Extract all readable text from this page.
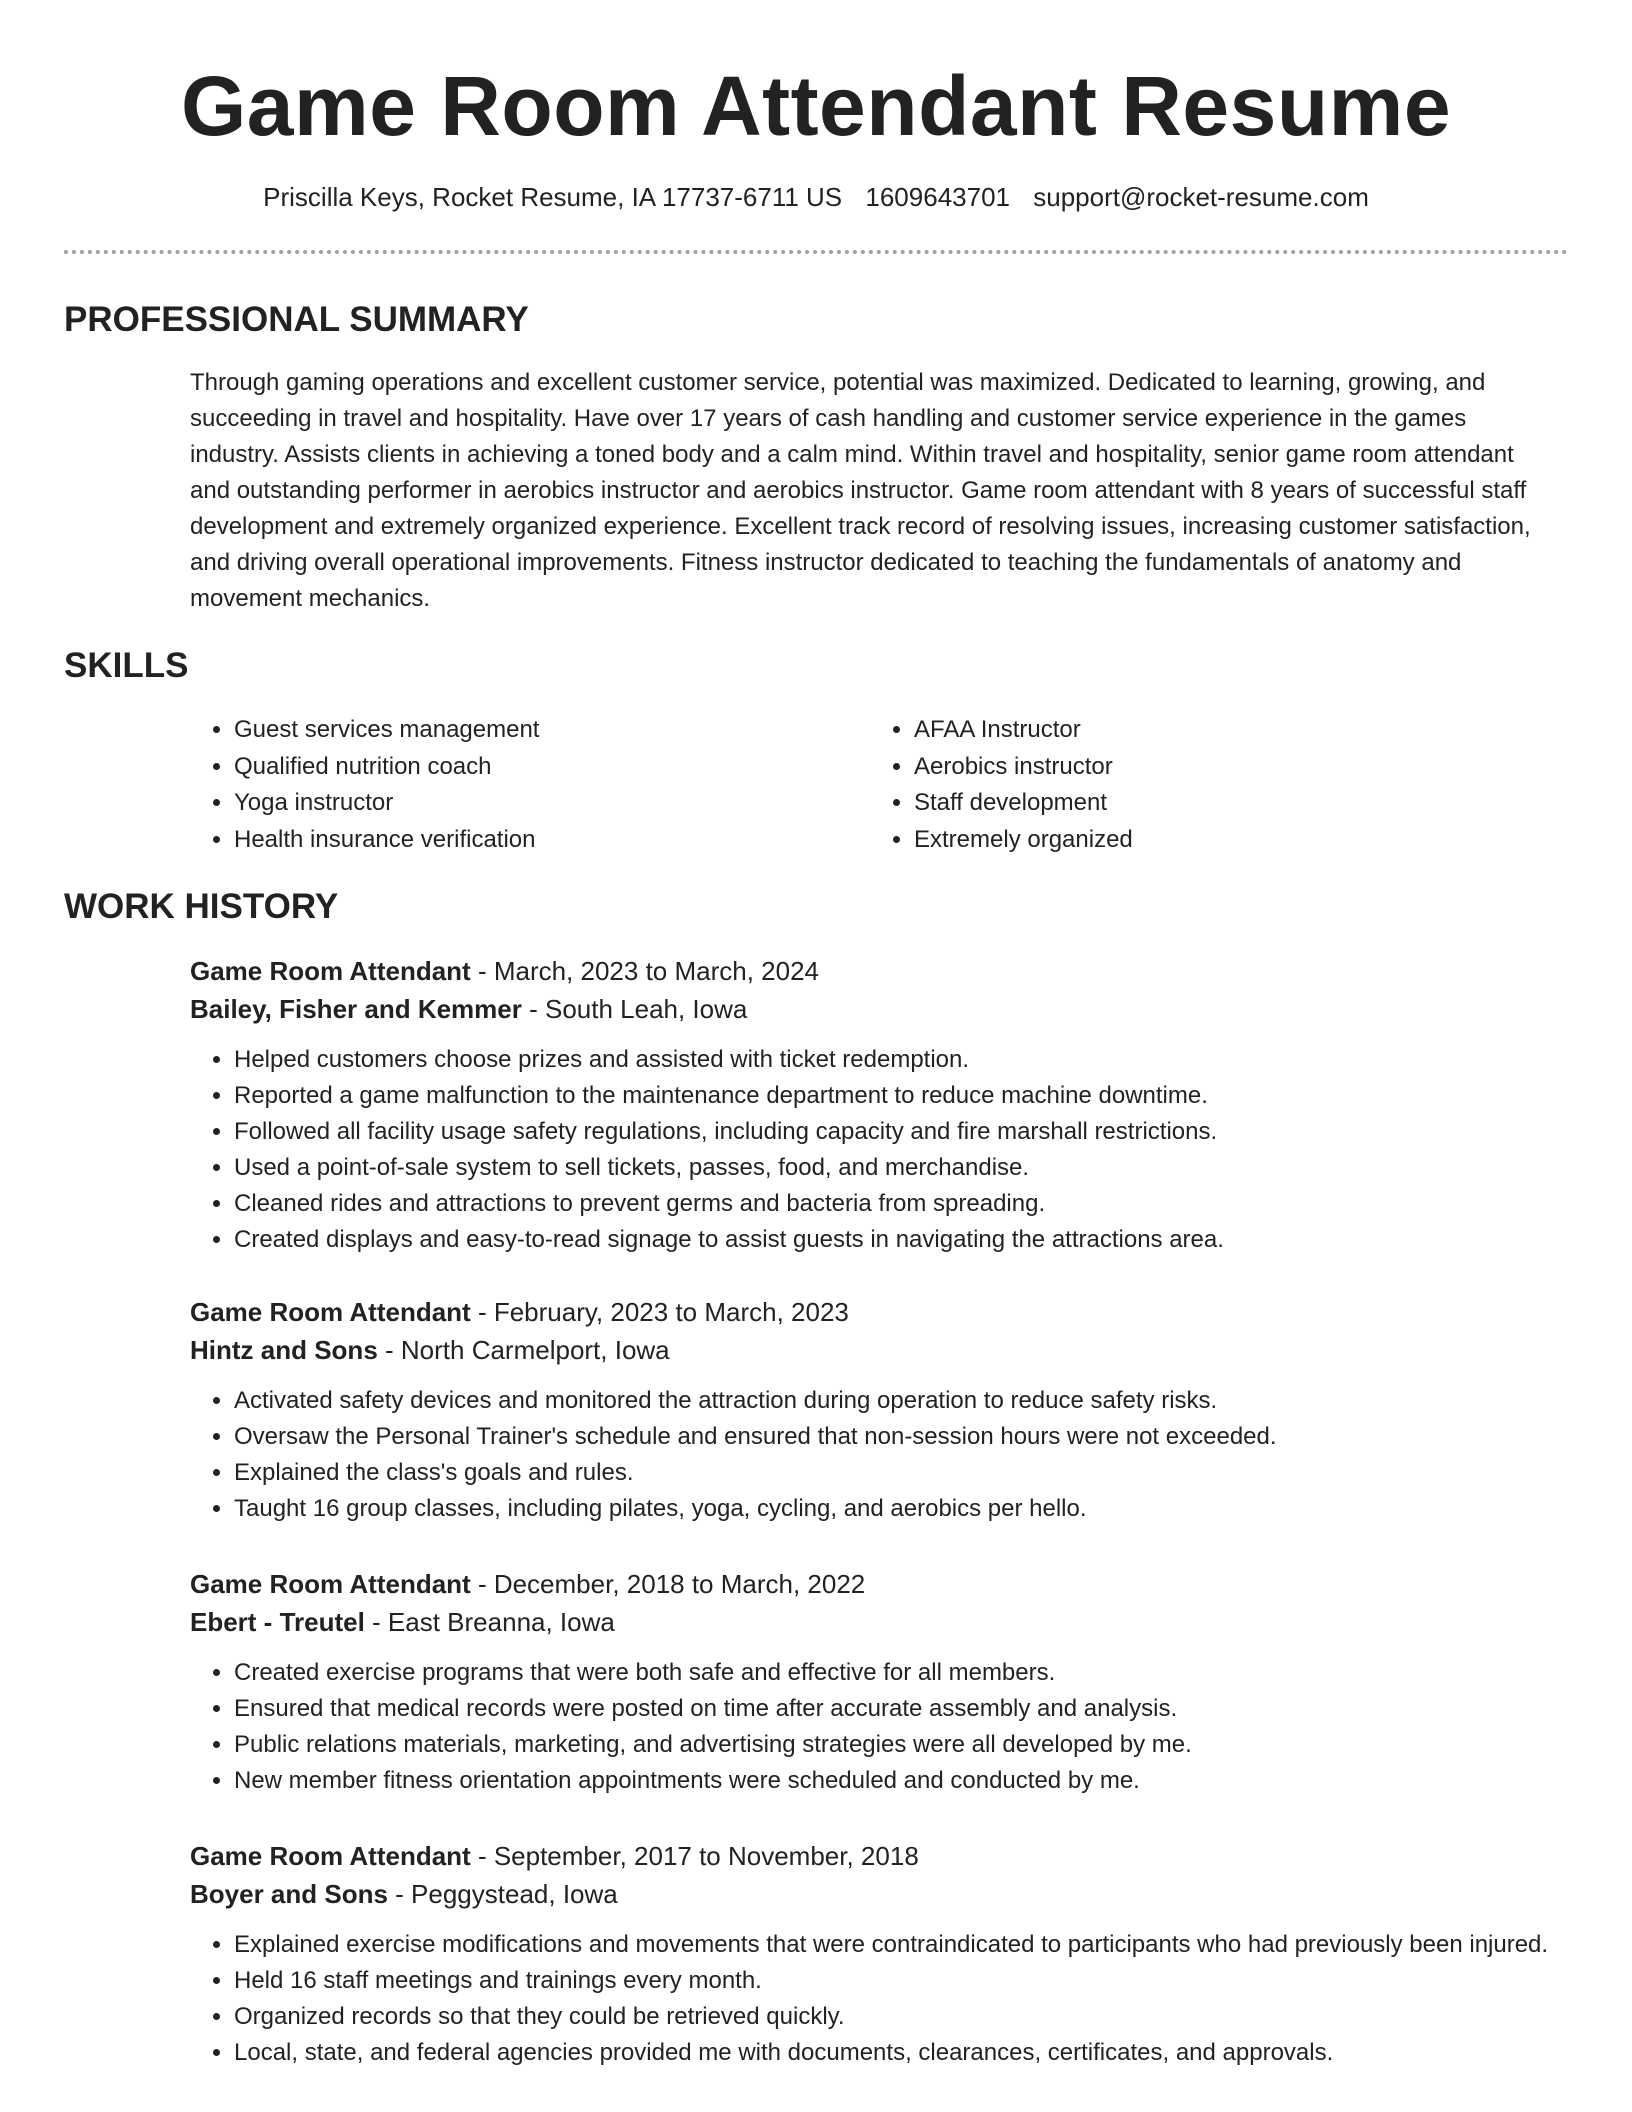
Game Room Attendant Resume
Priscilla Keys, Rocket Resume, IA 17737-6711 US 1609643701 support@rocket-resume.com
PROFESSIONAL SUMMARY
Through gaming operations and excellent customer service, potential was maximized. Dedicated to learning, growing, and succeeding in travel and hospitality. Have over 17 years of cash handling and customer service experience in the games industry. Assists clients in achieving a toned body and a calm mind. Within travel and hospitality, senior game room attendant and outstanding performer in aerobics instructor and aerobics instructor. Game room attendant with 8 years of successful staff development and extremely organized experience. Excellent track record of resolving issues, increasing customer satisfaction, and driving overall operational improvements. Fitness instructor dedicated to teaching the fundamentals of anatomy and movement mechanics.
SKILLS
• Guest services management
• Qualified nutrition coach
• Yoga instructor
• Health insurance verification
• AFAA Instructor
• Aerobics instructor
• Staff development
• Extremely organized
WORK HISTORY
Game Room Attendant - March, 2023 to March, 2024
Bailey, Fisher and Kemmer - South Leah, Iowa
• Helped customers choose prizes and assisted with ticket redemption.
• Reported a game malfunction to the maintenance department to reduce machine downtime.
• Followed all facility usage safety regulations, including capacity and fire marshall restrictions.
• Used a point-of-sale system to sell tickets, passes, food, and merchandise.
• Cleaned rides and attractions to prevent germs and bacteria from spreading.
• Created displays and easy-to-read signage to assist guests in navigating the attractions area.
Game Room Attendant - February, 2023 to March, 2023
Hintz and Sons - North Carmelport, Iowa
• Activated safety devices and monitored the attraction during operation to reduce safety risks.
• Oversaw the Personal Trainer's schedule and ensured that non-session hours were not exceeded.
• Explained the class's goals and rules.
• Taught 16 group classes, including pilates, yoga, cycling, and aerobics per hello.
Game Room Attendant - December, 2018 to March, 2022
Ebert - Treutel - East Breanna, Iowa
• Created exercise programs that were both safe and effective for all members.
• Ensured that medical records were posted on time after accurate assembly and analysis.
• Public relations materials, marketing, and advertising strategies were all developed by me.
• New member fitness orientation appointments were scheduled and conducted by me.
Game Room Attendant - September, 2017 to November, 2018
Boyer and Sons - Peggystead, Iowa
• Explained exercise modifications and movements that were contraindicated to participants who had previously been injured.
• Held 16 staff meetings and trainings every month.
• Organized records so that they could be retrieved quickly.
• Local, state, and federal agencies provided me with documents, clearances, certificates, and approvals.
